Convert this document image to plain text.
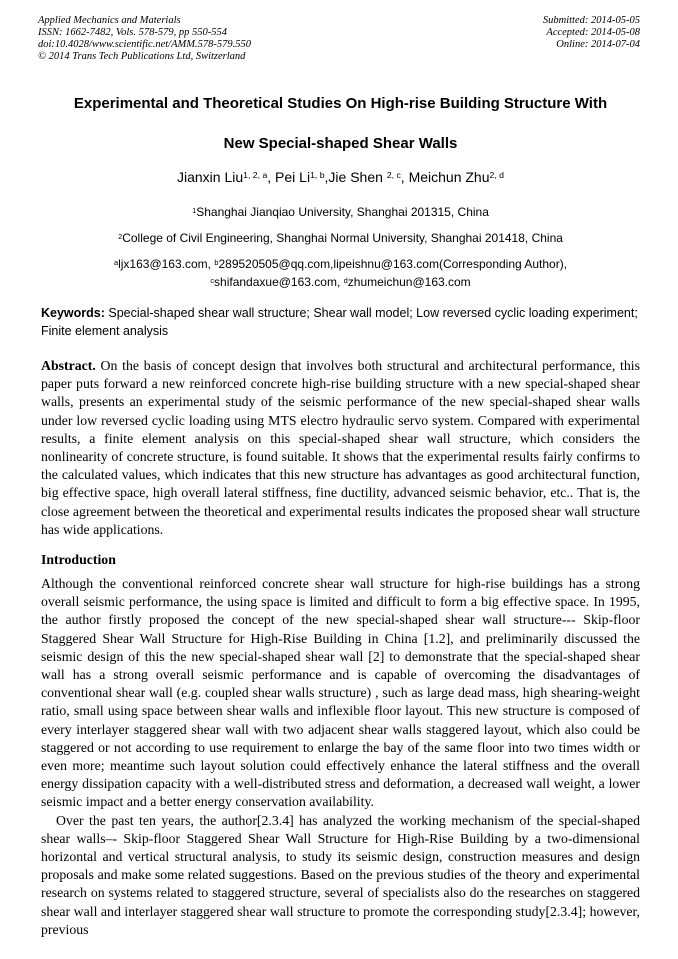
Applied Mechanics and Materials
ISSN: 1662-7482, Vols. 578-579, pp 550-554
doi:10.4028/www.scientific.net/AMM.578-579.550
© 2014 Trans Tech Publications Ltd, Switzerland
Submitted: 2014-05-05
Accepted: 2014-05-08
Online: 2014-07-04
Experimental and Theoretical Studies On High-rise Building Structure With
New Special-shaped Shear Walls
Jianxin Liu$^{1, 2, a}$, Pei Li$^{1, b}$,Jie Shen $^{2, c}$, Meichun Zhu$^{2, d}$
$^1$Shanghai Jianqiao University, Shanghai 201315, China
$^2$College of Civil Engineering, Shanghai Normal University, Shanghai 201418, China
$^a$ljx163@163.com, $^b$289520505@qq.com,lipeishnu@163.com(Corresponding Author),
$^c$shifandaxue@163.com, $^d$zhumeichun@163.com
Keywords: Special-shaped shear wall structure; Shear wall model; Low reversed cyclic loading experiment; Finite element analysis
Abstract. On the basis of concept design that involves both structural and architectural performance, this paper puts forward a new reinforced concrete high-rise building structure with a new special-shaped shear walls, presents an experimental study of the seismic performance of the new special-shaped shear walls under low reversed cyclic loading using MTS electro hydraulic servo system. Compared with experimental results, a finite element analysis on this special-shaped shear wall structure, which considers the nonlinearity of concrete structure, is found suitable. It shows that the experimental results fairly confirms to the calculated values, which indicates that this new structure has advantages as good architectural function, big effective space, high overall lateral stiffness, fine ductility, advanced seismic behavior, etc.. That is, the close agreement between the theoretical and experimental results indicates the proposed shear wall structure has wide applications.
Introduction
Although the conventional reinforced concrete shear wall structure for high-rise buildings has a strong overall seismic performance, the using space is limited and difficult to form a big effective space. In 1995, the author firstly proposed the concept of the new special-shaped shear wall structure--- Skip-floor Staggered Shear Wall Structure for High-Rise Building in China [1.2], and preliminarily discussed the seismic design of this the new special-shaped shear wall [2] to demonstrate that the special-shaped shear wall has a strong overall seismic performance and is capable of overcoming the disadvantages of conventional shear wall (e.g. coupled shear walls structure) , such as large dead mass, high shearing-weight ratio, small using space between shear walls and inflexible floor layout. This new structure is composed of every interlayer staggered shear wall with two adjacent shear walls staggered layout, which also could be staggered or not according to use requirement to enlarge the bay of the same floor into two times width or even more; meantime such layout solution could effectively enhance the lateral stiffness and the overall energy dissipation capacity with a well-distributed stress and deformation, a decreased wall weight, a lower seismic impact and a better energy conservation availability.
Over the past ten years, the author[2.3.4] has analyzed the working mechanism of the special-shaped shear walls–- Skip-floor Staggered Shear Wall Structure for High-Rise Building by a two-dimensional horizontal and vertical structural analysis, to study its seismic design, construction measures and design proposals and make some related suggestions. Based on the previous studies of the theory and experimental research on systems related to staggered structure, several of specialists also do the researches on staggered shear wall and interlayer staggered shear wall structure to promote the corresponding study[2.3.4]; however, previous
